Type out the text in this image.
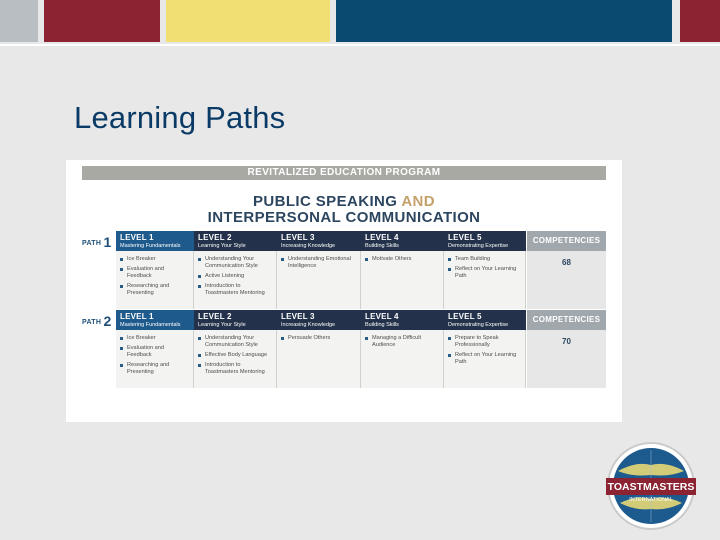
Learning Paths
REVITALIZED EDUCATION PROGRAM
PUBLIC SPEAKING AND
INTERPERSONAL COMMUNICATION
PATH 1 LEVEL 1
Mastering Fundamentals
Ice Breaker
Evaluation and Feedback
Researching and Presenting
LEVEL 2
Learning Your Style
Understanding Your Communication Style
Active Listening
Introduction to Toastmasters Mentoring
LEVEL 3
Increasing Knowledge
Understanding Emotional Intelligence
LEVEL 4
Building Skills
Motivate Others
LEVEL 5
Demonstrating Expertise
Team Building
Reflect on Your Learning Path
COMPETENCIES
68
PATH 2 LEVEL 1
Mastering Fundamentals
Ice Breaker
Evaluation and Feedback
Researching and Presenting
LEVEL 2
Learning Your Style
Understanding Your Communication Style
Effective Body Language
Introduction to Toastmasters Mentoring
LEVEL 3
Increasing Knowledge
Persuade Others
LEVEL 4
Building Skills
Managing a Difficult Audience
LEVEL 5
Demonstrating Expertise
Prepare to Speak Professionally
Reflect on Your Learning Path
COMPETENCIES
70
TOASTMASTERS
INTERNATIONAL
